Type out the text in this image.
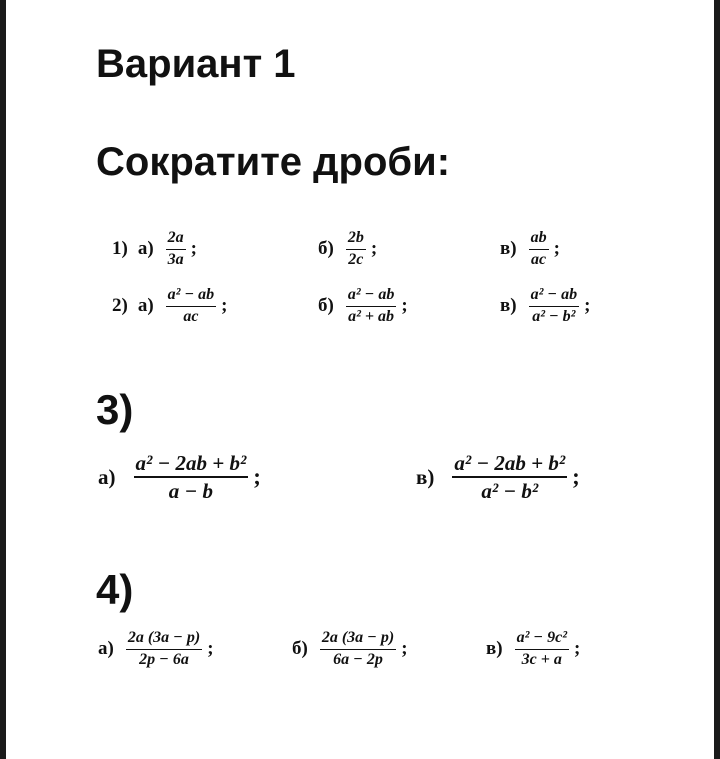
Вариант 1
Сократите дроби:
1) $а) \frac{2a}{3a}$ ;	$б) \frac{2b}{2c}$ ;	$в) \frac{ab}{ac}$ ;
2) $а) \frac{\text{a² − ab}}{ac}$ ;	$б) \frac{\text{a² − ab}}{\text{a² + ab}}$ ;	$в) \frac{\text{a² − ab}}{\text{a² − b²}}$ ;
3)
$а) \frac{\text{a² − 2ab + b²}}{a - b}$ ;	$в) \frac{\text{a² − 2ab + b²}}{\text{a² − b²}}$ ;
4)
$а) \frac{2a (3a - p)}{2p - 6a}$ ;	$б) \frac{2a (3a - p)}{6a - 2p}$ ;	$в) \frac{\text{a² − 9c²}}{3c + a}$ ;
